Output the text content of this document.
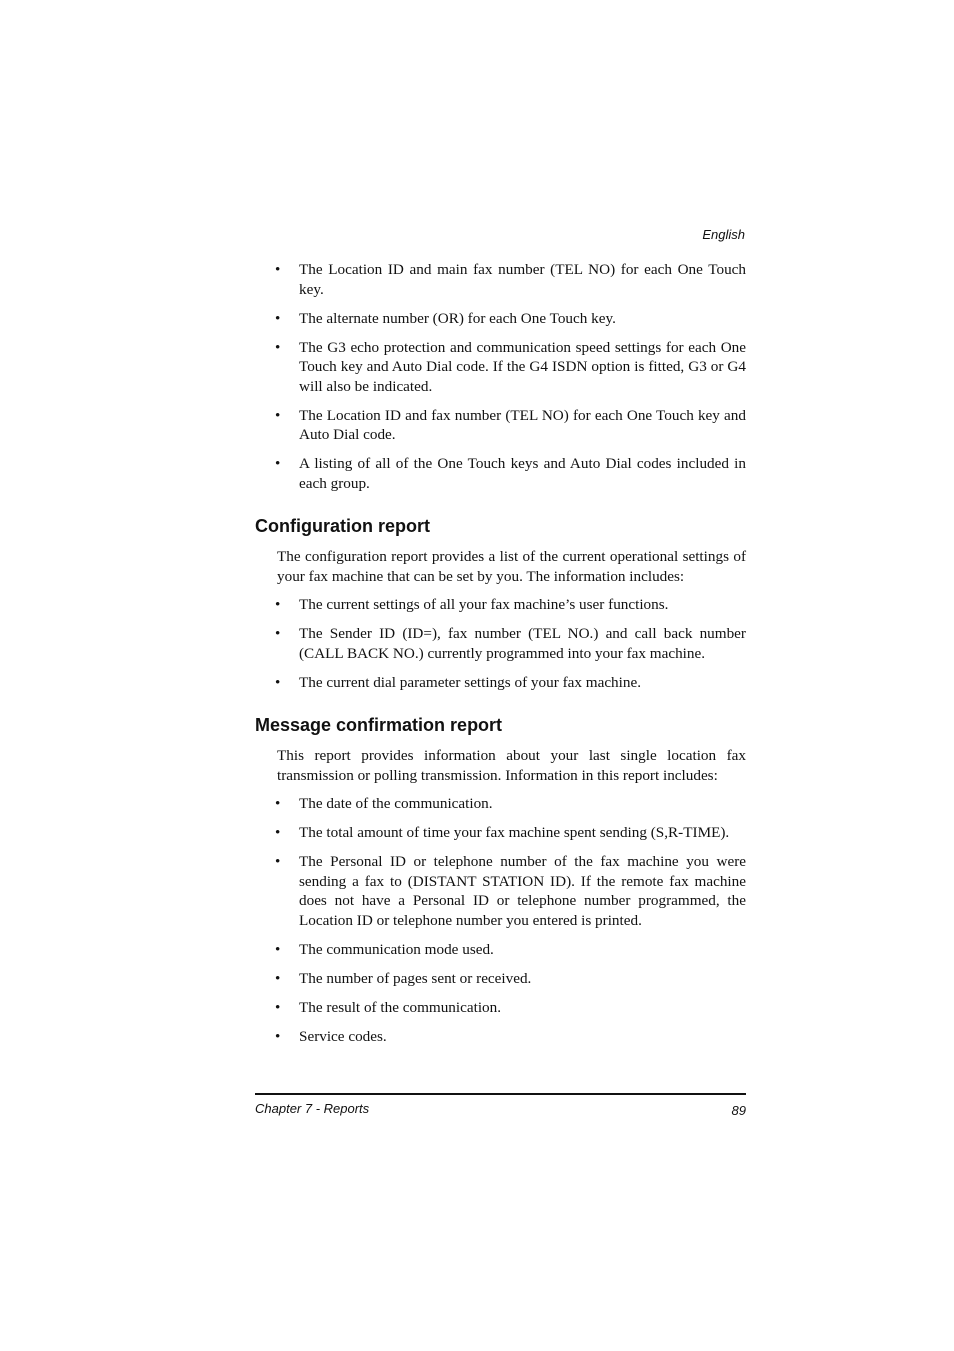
English
• The Location ID and main fax number (TEL NO) for each One Touch key.
• The alternate number (OR) for each One Touch key.
• The G3 echo protection and communication speed settings for each One Touch key and Auto Dial code. If the G4 ISDN option is fitted, G3 or G4 will also be indicated.
• The Location ID and fax number (TEL NO) for each One Touch key and Auto Dial code.
• A listing of all of the One Touch keys and Auto Dial codes included in each group.
Configuration report

The configuration report provides a list of the current operational settings of your fax machine that can be set by you. The information includes:

• The current settings of all your fax machine’s user functions.
• The Sender ID (ID=), fax number (TEL NO.) and call back number (CALL BACK NO.) currently programmed into your fax machine.
• The current dial parameter settings of your fax machine.
Message confirmation report

This report provides information about your last single location fax transmission or polling transmission. Information in this report includes:

• The date of the communication.
• The total amount of time your fax machine spent sending (S,R-TIME).
• The Personal ID or telephone number of the fax machine you were sending a fax to (DISTANT STATION ID). If the remote fax machine does not have a Personal ID or telephone number programmed, the Location ID or telephone number you entered is printed.
• The communication mode used.
• The number of pages sent or received.
• The result of the communication.
• Service codes.
Chapter 7 - Reports	89
